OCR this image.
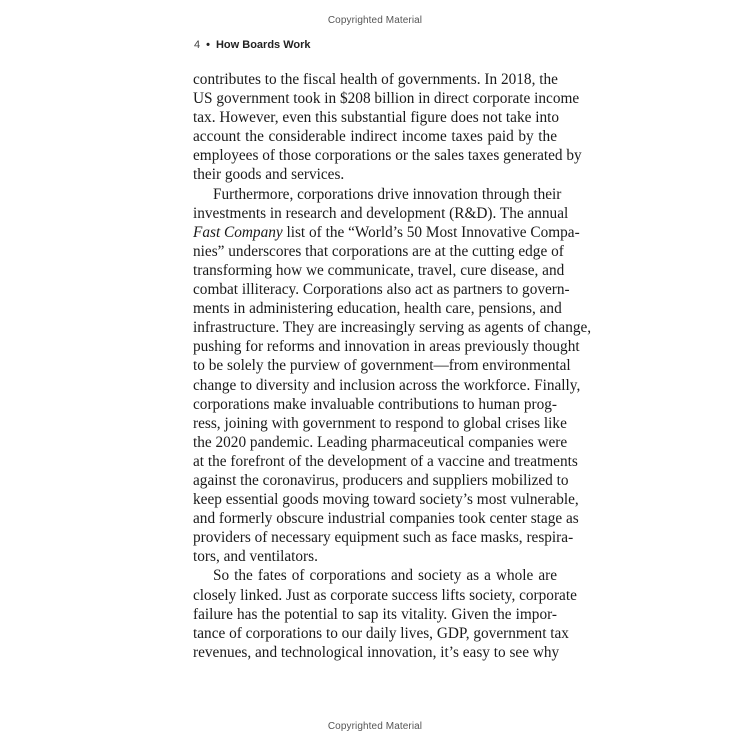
Copyrighted Material
4 • How Boards Work

contributes to the fiscal health of governments. In 2018, the
US government took in $208 billion in direct corporate income
tax. However, even this substantial figure does not take into
account the considerable indirect income taxes paid by the
employees of those corporations or the sales taxes generated by
their goods and services.

Furthermore, corporations drive innovation through their
investments in research and development (R&D). The annual
Fast Company list of the “World’s 50 Most Innovative Compa-
nies” underscores that corporations are at the cutting edge of
transforming how we communicate, travel, cure disease, and
combat illiteracy. Corporations also act as partners to govern-
ments in administering education, health care, pensions, and
infrastructure. They are increasingly serving as agents of change,
pushing for reforms and innovation in areas previously thought
to be solely the purview of government—from environmental
change to diversity and inclusion across the workforce. Finally,
corporations make invaluable contributions to human prog-
ress, joining with government to respond to global crises like
the 2020 pandemic. Leading pharmaceutical companies were
at the forefront of the development of a vaccine and treatments
against the coronavirus, producers and suppliers mobilized to
keep essential goods moving toward society’s most vulnerable,
and formerly obscure industrial companies took center stage as
providers of necessary equipment such as face masks, respira-
tors, and ventilators.

So the fates of corporations and society as a whole are
closely linked. Just as corporate success lifts society, corporate
failure has the potential to sap its vitality. Given the impor-
tance of corporations to our daily lives, GDP, government tax
revenues, and technological innovation, it’s easy to see why

Copyrighted Material
